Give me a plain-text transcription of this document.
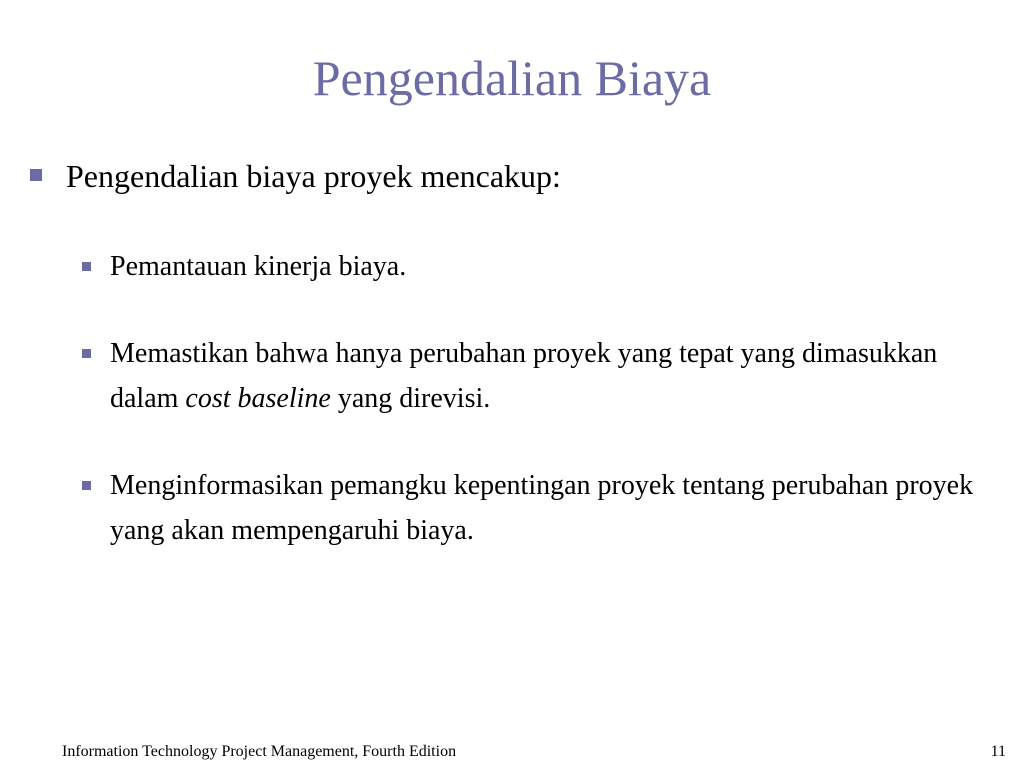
Pengendalian Biaya
Pengendalian biaya proyek mencakup:
Pemantauan kinerja biaya.
Memastikan bahwa hanya perubahan proyek yang tepat yang dimasukkan dalam cost baseline yang direvisi.
Menginformasikan pemangku kepentingan proyek tentang perubahan proyek yang akan mempengaruhi biaya.
Information Technology Project Management, Fourth Edition	11
